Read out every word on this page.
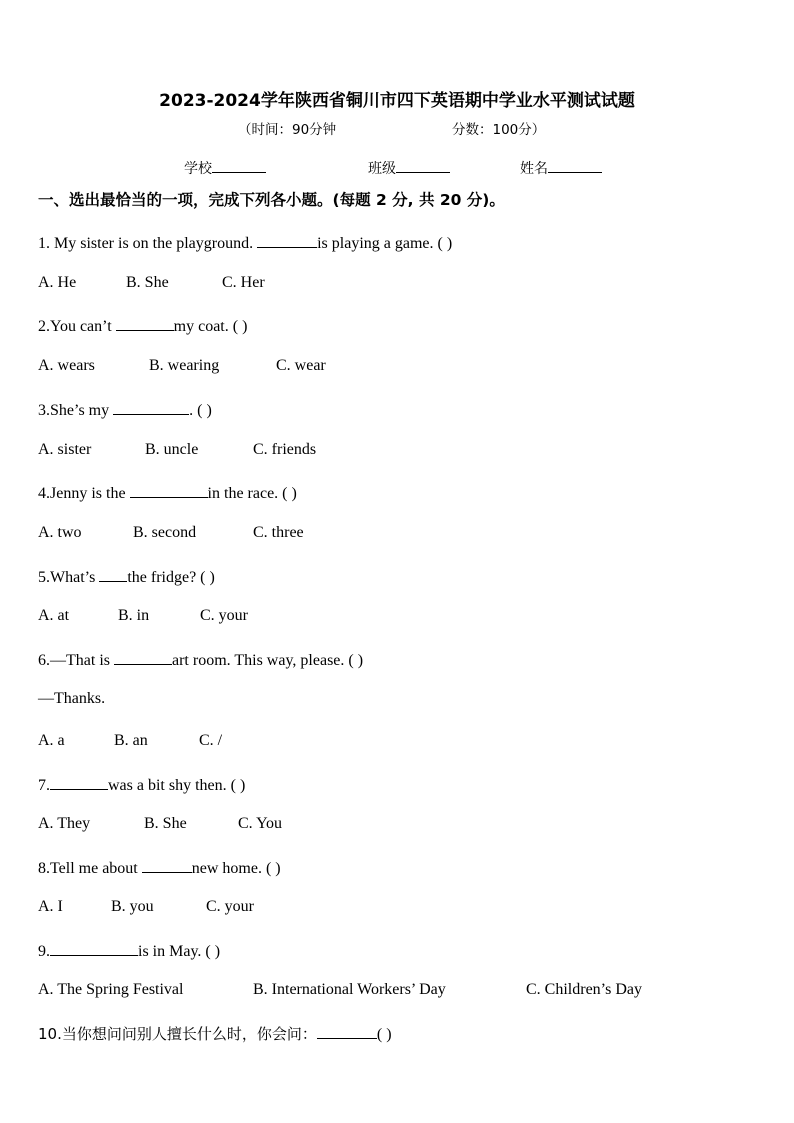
2023-2024学年陕西省铜川市四下英语期中学业水平测试试题
（时间：90分钟	分数：100分）
学校	班级	姓名
一、选出最恰当的一项，完成下列各小题。(每题 2 分, 共 20 分)。
1. My sister is on the playground.	is playing a game. ( )
A. He	B. She	C. Her
2.You can’t	my coat. ( )
A. wears	B. wearing	C. wear
3.She’s my	. ( )
A. sister	B. uncle	C. friends
4.Jenny is the	in the race. ( )
A. two	B. second	C. three
5.What’s the fridge? ( )
A. at	B. in	C. your
6.—That is	art room. This way, please. ( )
—Thanks.
A. a	B. an	C. /
7.	was a bit shy then. ( )
A. They	B. She	C. You
8.Tell me about	new home. ( )
A. I	B. you	C. your
9.	is in May. ( )
A. The Spring Festival	B. International Workers’ Day	C. Children’s Day
10.当你想问问别人擅长什么时，你会问：	( )
